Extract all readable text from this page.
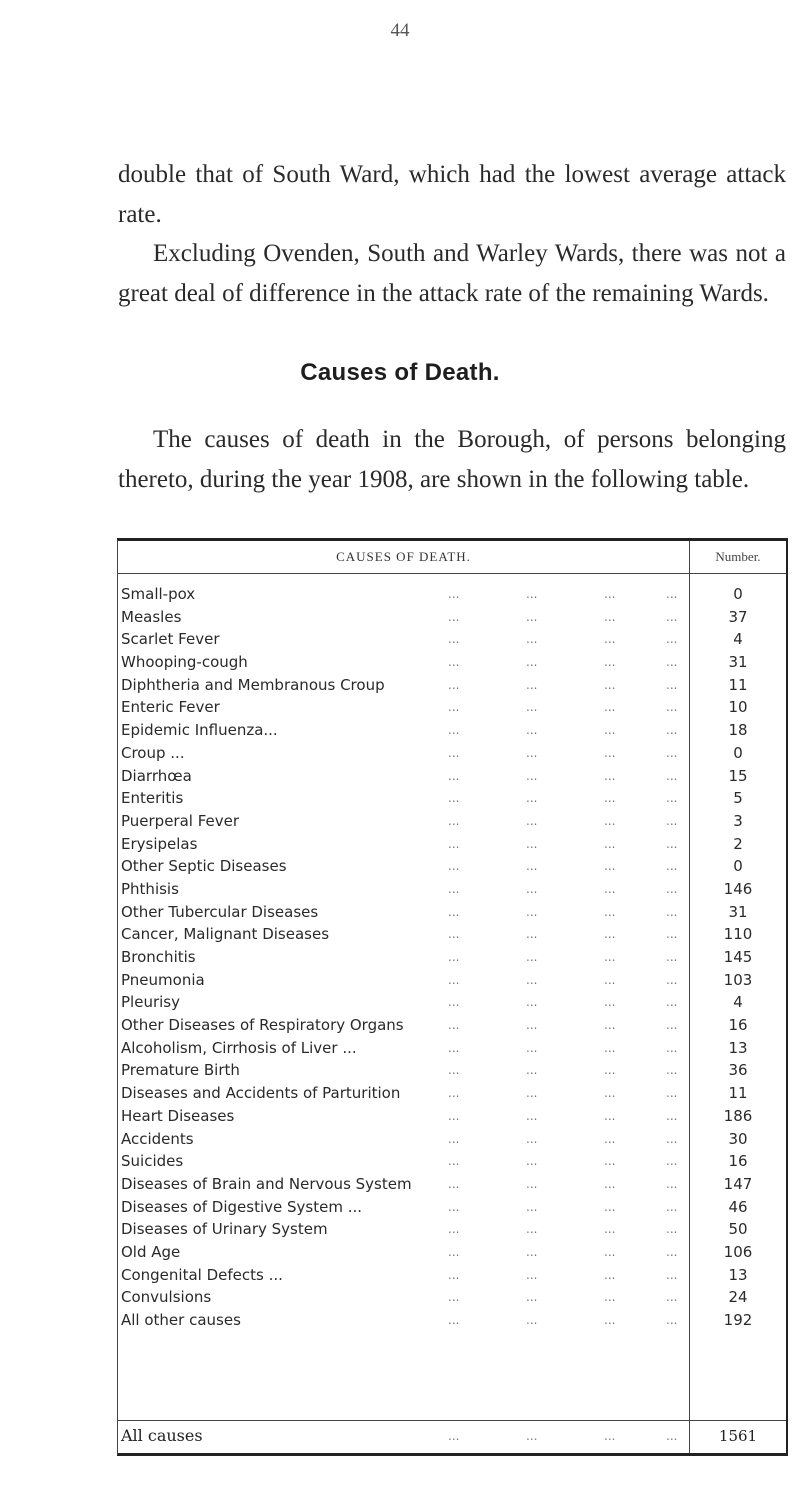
44

double that of South Ward, which had the lowest average attack rate.

Excluding Ovenden, South and Warley Wards, there was not a great deal of difference in the attack rate of the remaining Wards.

Causes of Death.

The causes of death in the Borough, of persons belonging thereto, during the year 1908, are shown in the following table.

CAUSES OF DEATH.	Number.
Small-pox	...	...	...	...	0
Measles	...	...	...	...	37
Scarlet Fever	...	...	...	...	4
Whooping-cough	...	...	...	...	31
Diphtheria and Membranous Croup	...	...	...	...	11
Enteric Fever	...	...	...	...	10
Epidemic Influenza...	...	...	...	...	18
Croup ...	...	...	...	...	0
Diarrhœa	...	...	...	...	15
Enteritis	...	...	...	...	5
Puerperal Fever	...	...	...	...	3
Erysipelas	...	...	...	...	2
Other Septic Diseases	...	...	...	...	0
Phthisis	...	...	...	...	146
Other Tubercular Diseases	...	...	...	...	31
Cancer, Malignant Diseases	...	...	...	...	110
Bronchitis	...	...	...	...	145
Pneumonia	...	...	...	...	103
Pleurisy	...	...	...	...	4
Other Diseases of Respiratory Organs	...	...	...	...	16
Alcoholism, Cirrhosis of Liver ...	...	...	...	...	13
Premature Birth	...	...	...	...	36
Diseases and Accidents of Parturition	...	...	...	...	11
Heart Diseases	...	...	...	...	186
Accidents	...	...	...	...	30
Suicides	...	...	...	...	16
Diseases of Brain and Nervous System	...	...	...	...	147
Diseases of Digestive System ...	...	...	...	...	46
Diseases of Urinary System	...	...	...	...	50
Old Age	...	...	...	...	106
Congenital Defects ...	...	...	...	...	13
Convulsions	...	...	...	...	24
All other causes	...	...	...	...	192
All causes	...	...	...	...	1561
